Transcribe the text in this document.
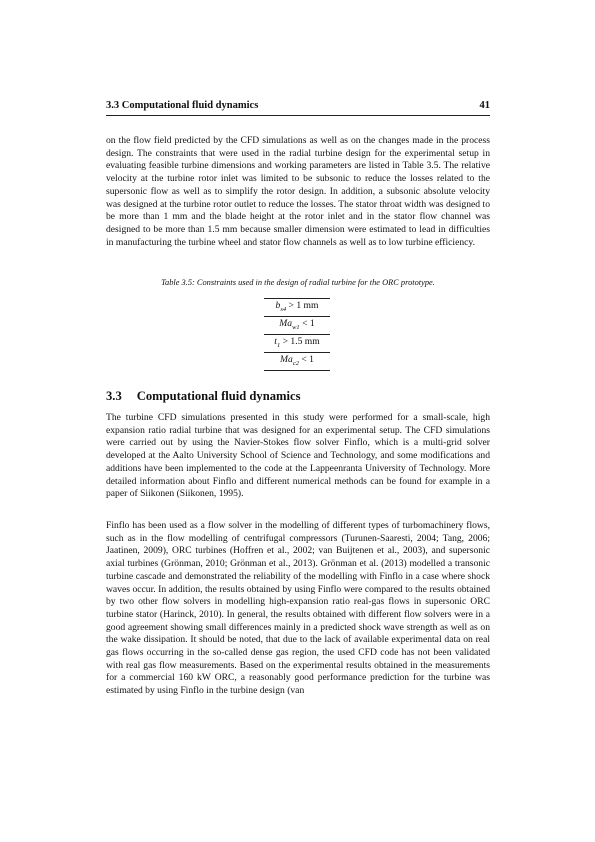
3.3 Computational fluid dynamics	41

on the flow field predicted by the CFD simulations as well as on the changes made in the process design. The constraints that were used in the radial turbine design for the experimental setup in evaluating feasible turbine dimensions and working parameters are listed in Table 3.5. The relative velocity at the turbine rotor inlet was limited to be subsonic to reduce the losses related to the supersonic flow as well as to simplify the rotor design. In addition, a subsonic absolute velocity was designed at the turbine rotor outlet to reduce the losses. The stator throat width was designed to be more than 1 mm and the blade height at the rotor inlet and in the stator flow channel was designed to be more than 1.5 mm because smaller dimension were estimated to lead in difficulties in manufacturing the turbine wheel and stator flow channels as well as to low turbine efficiency.

Table 3.5: Constraints used in the design of radial turbine for the ORC prototype.
$b_{s4} > 1$ mm
$Ma_{w1} < 1$
$t_1 > 1.5$ mm
$Ma_{c2} < 1$
3.3 Computational fluid dynamics

The turbine CFD simulations presented in this study were performed for a small-scale, high expansion ratio radial turbine that was designed for an experimental setup. The CFD simulations were carried out by using the Navier-Stokes flow solver Finflo, which is a multi-grid solver developed at the Aalto University School of Science and Technology, and some modifications and additions have been implemented to the code at the Lappeenranta University of Technology. More detailed information about Finflo and different numerical methods can be found for example in a paper of Siikonen (Siikonen, 1995).

Finflo has been used as a flow solver in the modelling of different types of turbomachinery flows, such as in the flow modelling of centrifugal compressors (Turunen-Saaresti, 2004; Tang, 2006; Jaatinen, 2009), ORC turbines (Hoffren et al., 2002; van Buijtenen et al., 2003), and supersonic axial turbines (Grönman, 2010; Grönman et al., 2013). Grönman et al. (2013) modelled a transonic turbine cascade and demonstrated the reliability of the modelling with Finflo in a case where shock waves occur. In addition, the results obtained by using Finflo were compared to the results obtained by two other flow solvers in modelling high-expansion ratio real-gas flows in supersonic ORC turbine stator (Harinck, 2010). In general, the results obtained with different flow solvers were in a good agreement showing small differences mainly in a predicted shock wave strength as well as on the wake dissipation. It should be noted, that due to the lack of available experimental data on real gas flows occurring in the so-called dense gas region, the used CFD code has not been validated with real gas flow measurements. Based on the experimental results obtained in the measurements for a commercial 160 kW ORC, a reasonably good performance prediction for the turbine was estimated by using Finflo in the turbine design (van
